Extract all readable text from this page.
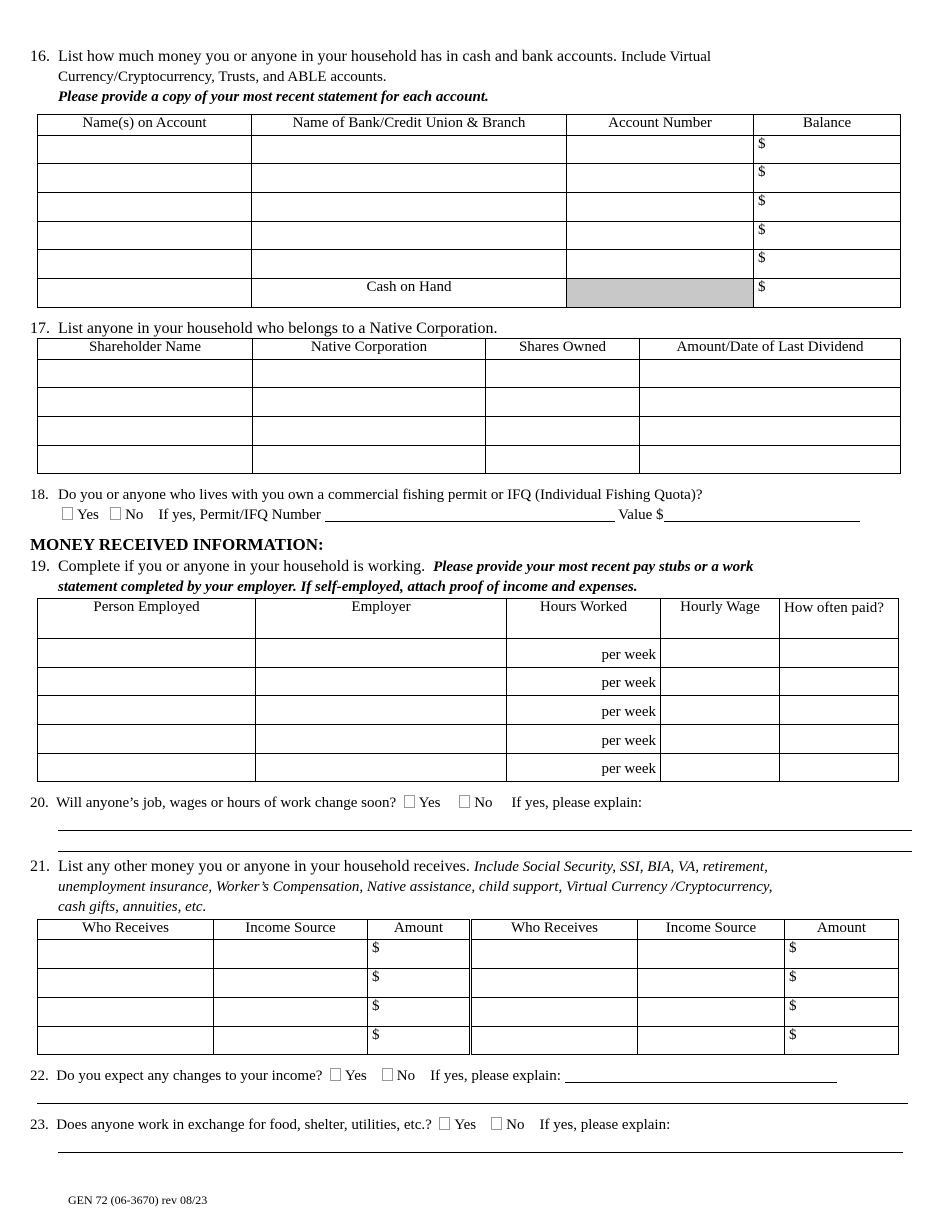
16. List how much money you or anyone in your household has in cash and bank accounts. Include Virtual
Currency/Cryptocurrency, Trusts, and ABLE accounts.
Please provide a copy of your most recent statement for each account.
Name(s) on Account	Name of Bank/Credit Union & Branch	Account Number	Balance
			$
			$
			$
			$
			$
	Cash on Hand		$
17. List anyone in your household who belongs to a Native Corporation.
Shareholder Name	Native Corporation	Shares Owned	Amount/Date of Last Dividend

18. Do you or anyone who lives with you own a commercial fishing permit or IFQ (Individual Fishing Quota)?
Yes No If yes, Permit/IFQ Number	Value $
MONEY RECEIVED INFORMATION:
19. Complete if you or anyone in your household is working. Please provide your most recent pay stubs or a work
statement completed by your employer. If self-employed, attach proof of income and expenses.
Person Employed	Employer	Hours Worked	Hourly Wage	How often paid?
		per week		
		per week		
		per week		
		per week		
		per week		
20. Will anyone’s job, wages or hours of work change soon? Yes No If yes, please explain:
21. List any other money you or anyone in your household receives. Include Social Security, SSI, BIA, VA, retirement,
unemployment insurance, Worker’s Compensation, Native assistance, child support, Virtual Currency /Cryptocurrency,
cash gifts, annuities, etc.
Who Receives	Income Source	Amount	Who Receives	Income Source	Amount
		$			$
		$			$
		$			$
		$			$
22. Do you expect any changes to your income? Yes No If yes, please explain:
23. Does anyone work in exchange for food, shelter, utilities, etc.? Yes No If yes, please explain:
GEN 72 (06-3670) rev 08/23
